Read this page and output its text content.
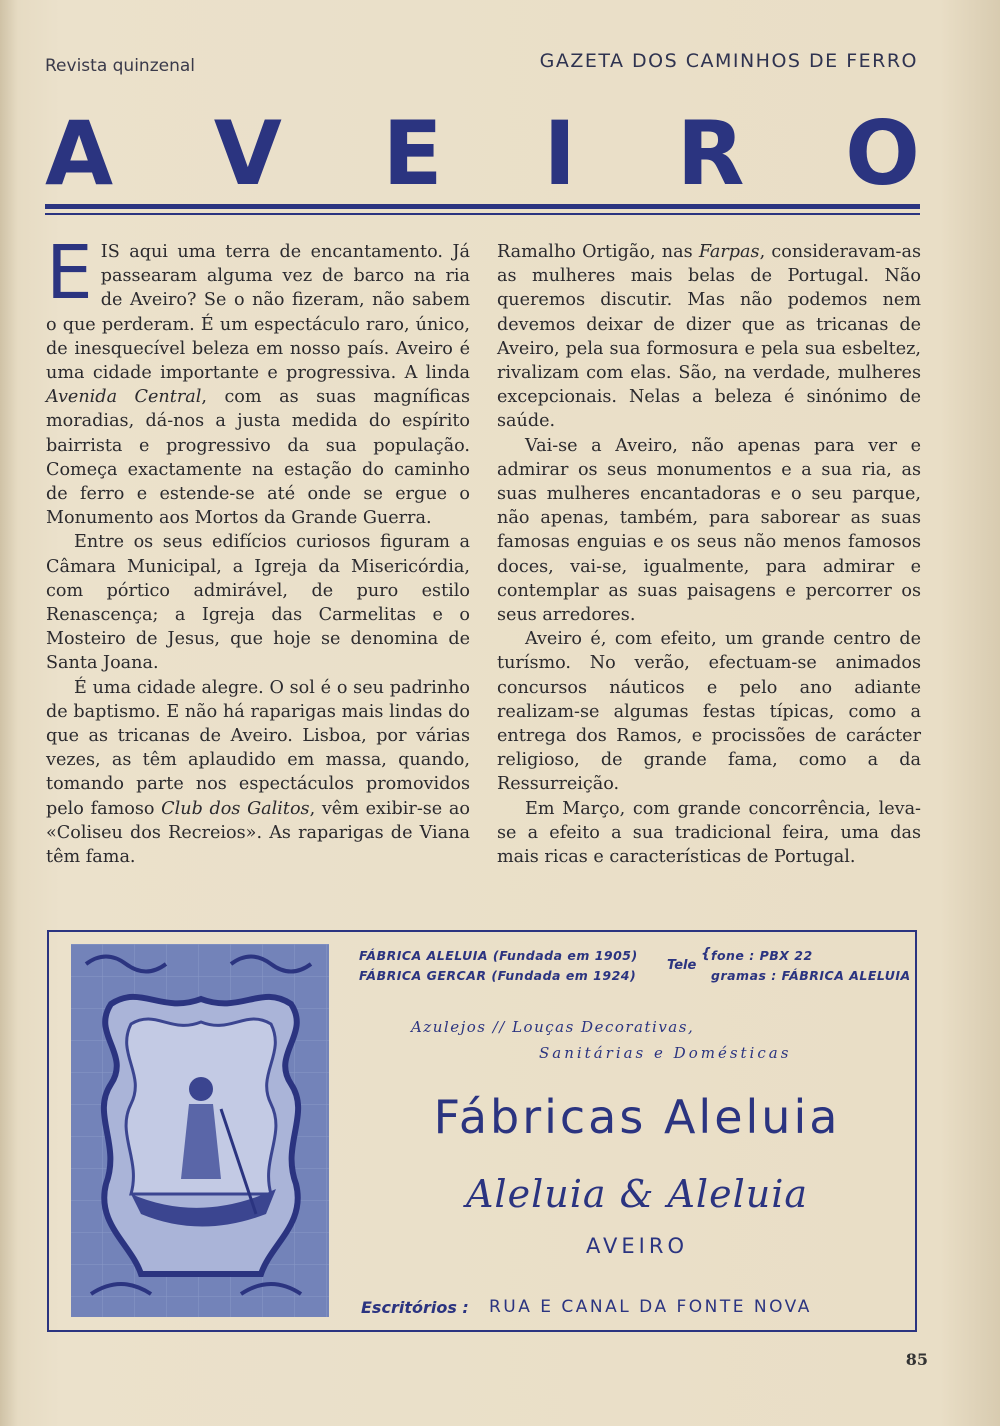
Revista quinzenal	GAZETA DOS CAMINHOS DE FERRO
A V E I R O

EIS aqui uma terra de encantamento. Já passearam alguma vez de barco na ria de Aveiro? Se o não fizeram, não sabem o que perderam. É um espectáculo raro, único, de inesquecível beleza em nosso país. Aveiro é uma cidade importante e progressiva. A linda Avenida Central, com as suas magníficas moradias, dá-nos a justa medida do espírito bairrista e progressivo da sua população. Começa exactamente na estação do caminho de ferro e estende-se até onde se ergue o Monumento aos Mortos da Grande Guerra.

Entre os seus edifícios curiosos figuram a Câmara Municipal, a Igreja da Misericórdia, com pórtico admirável, de puro estilo Renascença; a Igreja das Carmelitas e o Mosteiro de Jesus, que hoje se denomina de Santa Joana.

É uma cidade alegre. O sol é o seu padrinho de baptismo. E não há raparigas mais lindas do que as tricanas de Aveiro. Lisboa, por várias vezes, as têm aplaudido em massa, quando, tomando parte nos espectáculos promovidos pelo famoso Club dos Galitos, vêm exibir-se ao «Coliseu dos Recreios». As raparigas de Viana têm fama.

Ramalho Ortigão, nas Farpas, consideravam-as as mulheres mais belas de Portugal. Não queremos discutir. Mas não podemos nem devemos deixar de dizer que as tricanas de Aveiro, pela sua formosura e pela sua esbeltez, rivalizam com elas. São, na verdade, mulheres excepcionais. Nelas a beleza é sinónimo de saúde.

Vai-se a Aveiro, não apenas para ver e admirar os seus monumentos e a sua ria, as suas mulheres encantadoras e o seu parque, não apenas, também, para saborear as suas famosas enguias e os seus não menos famosos doces, vai-se, igualmente, para admirar e contemplar as suas paisagens e percorrer os seus arredores.

Aveiro é, com efeito, um grande centro de turísmo. No verão, efectuam-se animados concursos náuticos e pelo ano adiante realizam-se algumas festas típicas, como a entrega dos Ramos, e procissões de carácter religioso, de grande fama, como a da Ressurreição.

Em Março, com grande concorrência, leva-se a efeito a sua tradicional feira, uma das mais ricas e características de Portugal.

FÁBRICA ALELUIA (Fundada em 1905)
FÁBRICA GERCAR (Fundada em 1924)
Tele
{ fone : PBX 22
gramas : FÁBRICA ALELUIA
Azulejos // Louças Decorativas,
Sanitárias e Domésticas
Fábricas Aleluia
Aleluia & Aleluia
AVEIRO
Escritórios : RUA E CANAL DA FONTE NOVA
85
